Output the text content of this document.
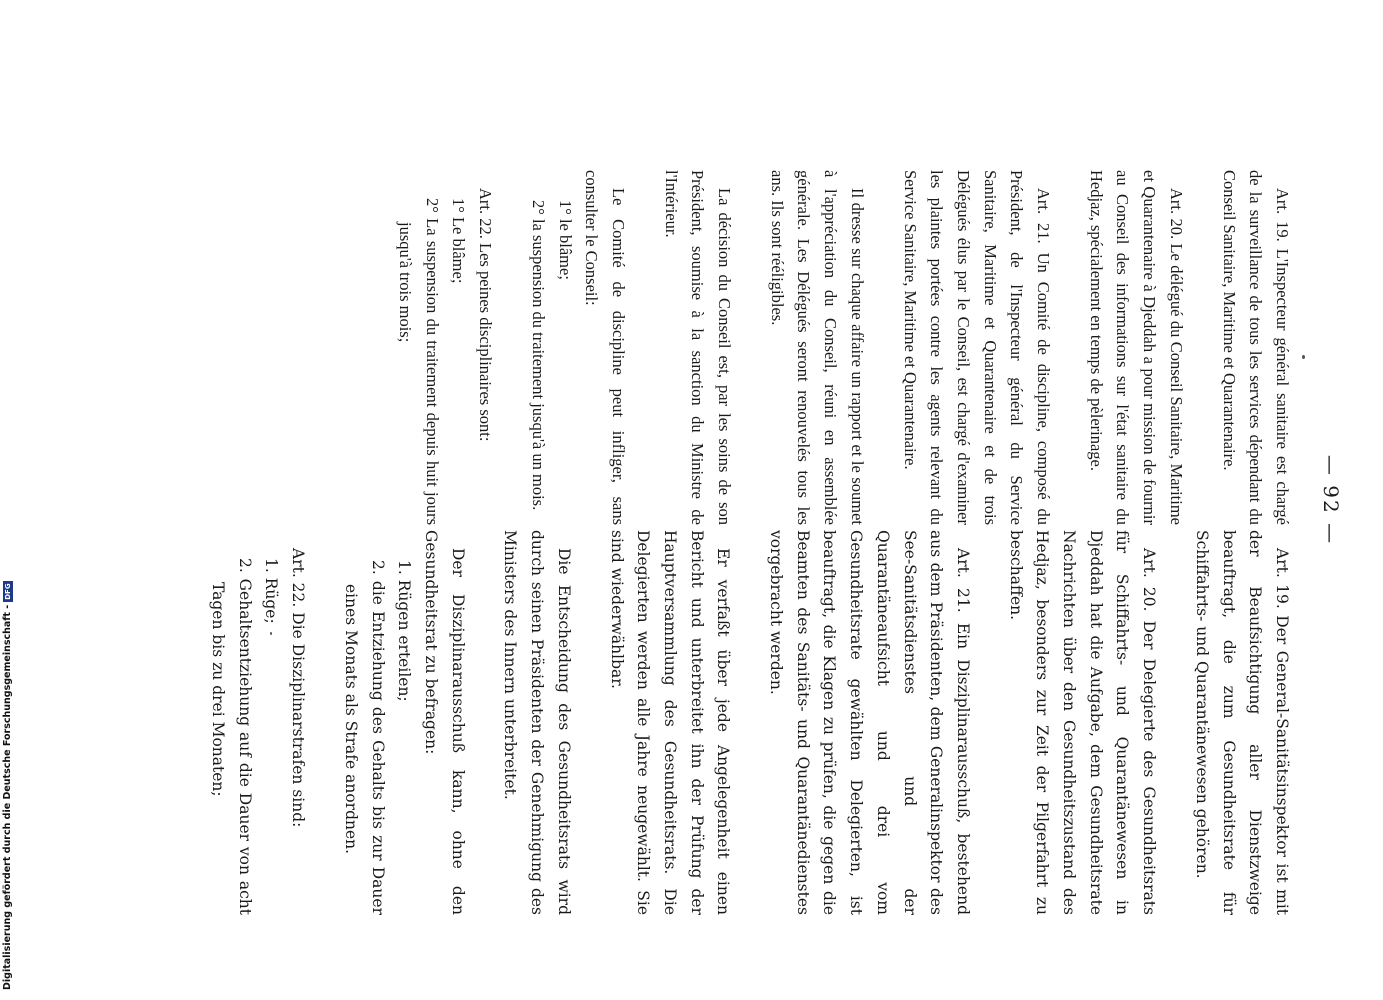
— 92 —

Art. 19. L'Inspecteur général sanitaire est chargé de la surveillance de tous les services dépendant du Conseil Sanitaire, Maritime et Quarantenaire.

Art. 20. Le délégué du Conseil Sanitaire, Maritime et Quarantenaire à Djeddah a pour mission de fournir au Conseil des informations sur l'état sanitaire du Hedjaz, spécialement en temps de pèlerinage.

Art. 21. Un Comité de discipline, composé du Président, de l'Inspecteur général du Service Sanitaire, Maritime et Quarantenaire et de trois Délégués élus par le Conseil, est chargé d'examiner les plaintes portées contre les agents relevant du Service Sanitaire, Maritime et Quarantenaire.

Il dresse sur chaque affaire un rapport et le soumet à l'appréciation du Conseil, réuni en assemblée générale. Les Délégués seront renouvelés tous les ans. Ils sont rééligibles.

La décision du Conseil est, par les soins de son Président, soumise à la sanction du Ministre de l'Intérieur.

Le Comité de discipline peut infliger, sans consulter le Conseil:

1° le blâme;
2° la suspension du traitement jusqu'à un mois.

Art. 22. Les peines disciplinaires sont:

1° Le blâme;
2° La suspension du traitement depuis huit jours jusqu'à trois mois;

Art. 19. Der General-Sanitätsinspektor ist mit der Beaufsichtigung aller Dienstzweige beauftragt, die zum Gesundheitsrate für Schiffahrts- und Quarantänewesen gehören.

Art. 20. Der Delegierte des Gesundheitsrats für Schiffahrts- und Quarantänewesen in Djeddah hat die Aufgabe, dem Gesundheitsrate Nachrichten über den Gesundheitszustand des Hedjaz, besonders zur Zeit der Pilgerfahrt zu beschaffen.

Art. 21. Ein Disziplinarausschuß, bestehend aus dem Präsidenten, dem Generalinspektor des See-Sanitätsdienstes und der Quarantäneaufsicht und drei vom Gesundheitsrate gewählten Delegierten, ist beauftragt, die Klagen zu prüfen, die gegen die Beamten des Sanitäts- und Quarantänedienstes vorgebracht werden.

Er verfaßt über jede Angelegenheit einen Bericht und unterbreitet ihn der Prüfung der Hauptversammlung des Gesundheitsrats. Die Delegierten werden alle Jahre neugewählt. Sie sind wiederwählbar.

Die Entscheidung des Gesundheitsrats wird durch seinen Präsidenten der Genehmigung des Ministers des Innern unterbreitet.

Der Disziplinarausschuß kann, ohne den Gesundheitsrat zu befragen:

1. Rügen erteilen;
2. die Entziehung des Gehalts bis zur Dauer eines Monats als Strafe anordnen.

Art. 22. Die Disziplinarstrafen sind:

1. Rüge;
2. Gehaltsentziehung auf die Dauer von acht Tagen bis zu drei Monaten;
Digitalisierung gefördert durch die Deutsche Forschungsgemeinschaft -DFG
